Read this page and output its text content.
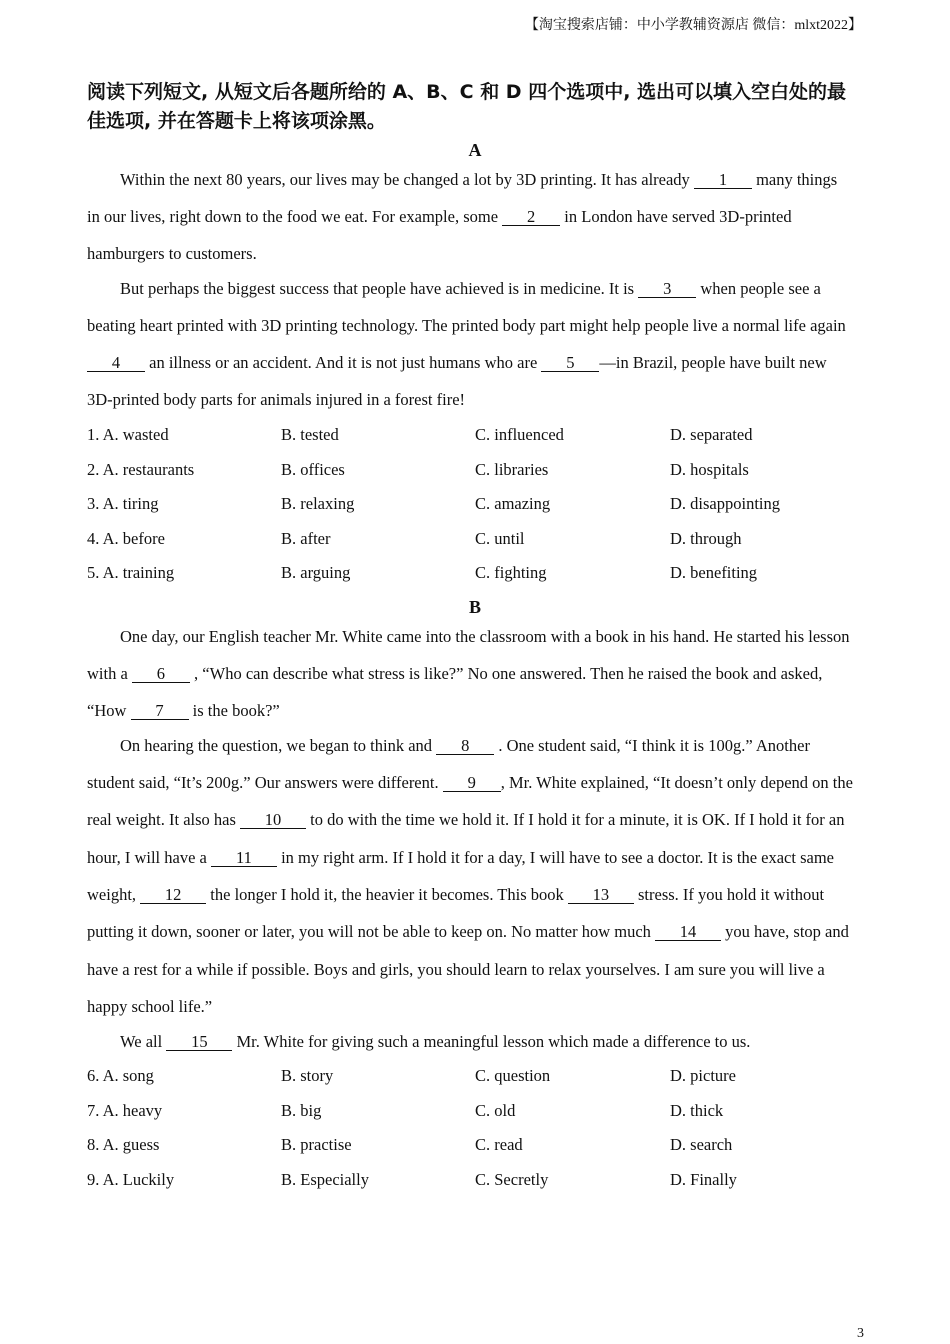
【淘宝搜索店铺：中小学教辅资源店 微信：mlxt2022】
阅读下列短文, 从短文后各题所给的 A、B、C 和 D 四个选项中, 选出可以填入空白处的最佳选项, 并在答题卡上将该项涂黑。
A
Within the next 80 years, our lives may be changed a lot by 3D printing. It has already 1 many things
in our lives, right down to the food we eat. For example, some 2 in London have served 3D-printed
hamburgers to customers.
But perhaps the biggest success that people have achieved is in medicine. It is 3 when people see a
beating heart printed with 3D printing technology. The printed body part might help people live a normal life again
4 an illness or an accident. And it is not just humans who are 5 —in Brazil, people have built new
3D-printed body parts for animals injured in a forest fire!
1. A. wasted	B. tested	C. influenced	D. separated
2. A. restaurants	B. offices	C. libraries	D. hospitals
3. A. tiring	B. relaxing	C. amazing	D. disappointing
4. A. before	B. after	C. until	D. through
5. A. training	B. arguing	C. fighting	D. benefiting
B
One day, our English teacher Mr. White came into the classroom with a book in his hand. He started his lesson
with a 6 , “Who can describe what stress is like?” No one answered. Then he raised the book and asked,
“How 7 is the book?”
On hearing the question, we began to think and 8 . One student said, “I think it is 100g.” Another
student said, “It’s 200g.” Our answers were different. 9 , Mr. White explained, “It doesn’t only depend on the
real weight. It also has 10 to do with the time we hold it. If I hold it for a minute, it is OK. If I hold it for an
hour, I will have a 11 in my right arm. If I hold it for a day, I will have to see a doctor. It is the exact same
weight, 12 the longer I hold it, the heavier it becomes. This book 13 stress. If you hold it without
putting it down, sooner or later, you will not be able to keep on. No matter how much 14 you have, stop and
have a rest for a while if possible. Boys and girls, you should learn to relax yourselves. I am sure you will live a
happy school life.”
We all 15 Mr. White for giving such a meaningful lesson which made a difference to us.
6. A. song	B. story	C. question	D. picture
7. A. heavy	B. big	C. old	D. thick
8. A. guess	B. practise	C. read	D. search
9. A. Luckily	B. Especially	C. Secretly	D. Finally
3
